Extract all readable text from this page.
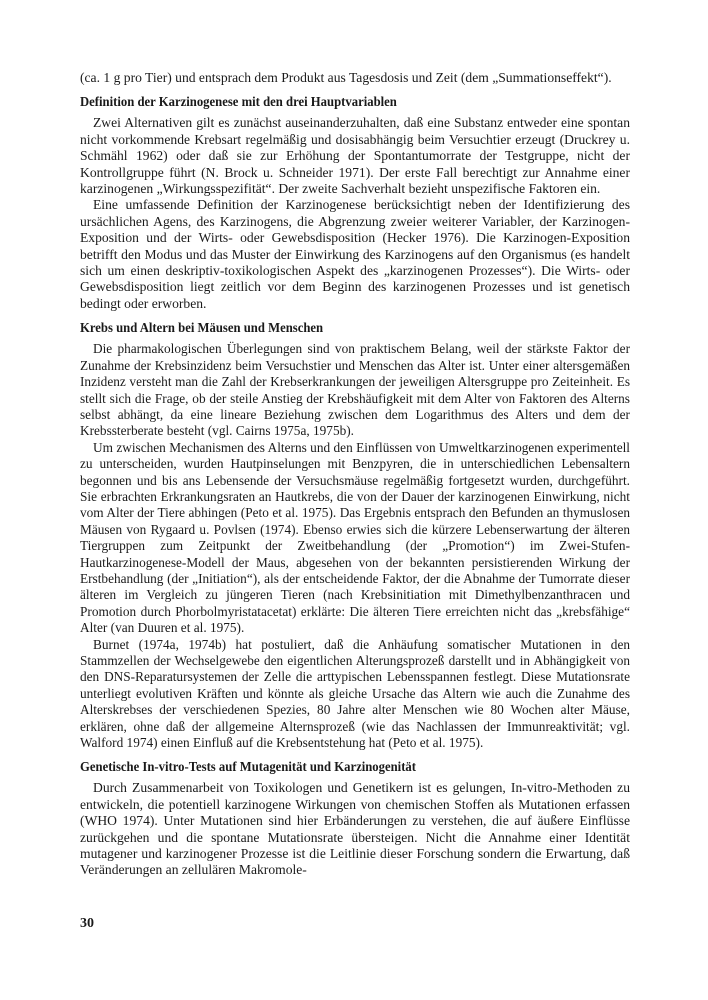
(ca. 1 g pro Tier) und entsprach dem Produkt aus Tagesdosis und Zeit (dem „Summationseffekt“).

Definition der Karzinogenese mit den drei Hauptvariablen

Zwei Alternativen gilt es zunächst auseinanderzuhalten, daß eine Substanz entweder eine spontan nicht vorkommende Krebsart regelmäßig und dosisabhängig beim Versuchtier erzeugt (Druckrey u. Schmähl 1962) oder daß sie zur Erhöhung der Spontantumorrate der Testgruppe, nicht der Kontrollgruppe führt (N. Brock u. Schneider 1971). Der erste Fall berechtigt zur Annahme einer karzinogenen „Wirkungsspezifität“. Der zweite Sachverhalt bezieht unspezifische Faktoren ein.

Eine umfassende Definition der Karzinogenese berücksichtigt neben der Identifizierung des ursächlichen Agens, des Karzinogens, die Abgrenzung zweier weiterer Variabler, der Karzinogen-Exposition und der Wirts- oder Gewebsdisposition (Hecker 1976). Die Karzinogen-Exposition betrifft den Modus und das Muster der Einwirkung des Karzinogens auf den Organismus (es handelt sich um einen deskriptiv-toxikologischen Aspekt des „karzinogenen Prozesses“). Die Wirts- oder Gewebsdisposition liegt zeitlich vor dem Beginn des karzinogenen Prozesses und ist genetisch bedingt oder erworben.

Krebs und Altern bei Mäusen und Menschen

Die pharmakologischen Überlegungen sind von praktischem Belang, weil der stärkste Faktor der Zunahme der Krebsinzidenz beim Versuchstier und Menschen das Alter ist. Unter einer altersgemäßen Inzidenz versteht man die Zahl der Krebserkrankungen der jeweiligen Altersgruppe pro Zeiteinheit. Es stellt sich die Frage, ob der steile Anstieg der Krebshäufigkeit mit dem Alter von Faktoren des Alterns selbst abhängt, da eine lineare Beziehung zwischen dem Logarithmus des Alters und dem der Krebssterberate besteht (vgl. Cairns 1975a, 1975b).

Um zwischen Mechanismen des Alterns und den Einflüssen von Umweltkarzinogenen experimentell zu unterscheiden, wurden Hautpinselungen mit Benzpyren, die in unterschiedlichen Lebensaltern begonnen und bis ans Lebensende der Versuchsmäuse regelmäßig fortgesetzt wurden, durchgeführt. Sie erbrachten Erkrankungsraten an Hautkrebs, die von der Dauer der karzinogenen Einwirkung, nicht vom Alter der Tiere abhingen (Peto et al. 1975). Das Ergebnis entsprach den Befunden an thymuslosen Mäusen von Rygaard u. Povlsen (1974). Ebenso erwies sich die kürzere Lebenserwartung der älteren Tiergruppen zum Zeitpunkt der Zweitbehandlung (der „Promotion“) im Zwei-Stufen-Hautkarzinogenese-Modell der Maus, abgesehen von der bekannten persistierenden Wirkung der Erstbehandlung (der „Initiation“), als der entscheidende Faktor, der die Abnahme der Tumorrate dieser älteren im Vergleich zu jüngeren Tieren (nach Krebsinitiation mit Dimethylbenzanthracen und Promotion durch Phorbolmyristatacetat) erklärte: Die älteren Tiere erreichten nicht das „krebsfähige“ Alter (van Duuren et al. 1975).

Burnet (1974a, 1974b) hat postuliert, daß die Anhäufung somatischer Mutationen in den Stammzellen der Wechselgewebe den eigentlichen Alterungsprozeß darstellt und in Abhängigkeit von den DNS-Reparatursystemen der Zelle die arttypischen Lebensspannen festlegt. Diese Mutationsrate unterliegt evolutiven Kräften und könnte als gleiche Ursache das Altern wie auch die Zunahme des Alterskrebses der verschiedenen Spezies, 80 Jahre alter Menschen wie 80 Wochen alter Mäuse, erklären, ohne daß der allgemeine Alternsprozeß (wie das Nachlassen der Immunreaktivität; vgl. Walford 1974) einen Einfluß auf die Krebsentstehung hat (Peto et al. 1975).

Genetische In-vitro-Tests auf Mutagenität und Karzinogenität

Durch Zusammenarbeit von Toxikologen und Genetikern ist es gelungen, In-vitro-Methoden zu entwickeln, die potentiell karzinogene Wirkungen von chemischen Stoffen als Mutationen erfassen (WHO 1974). Unter Mutationen sind hier Erbänderungen zu verstehen, die auf äußere Einflüsse zurückgehen und die spontane Mutationsrate übersteigen. Nicht die Annahme einer Identität mutagener und karzinogener Prozesse ist die Leitlinie dieser Forschung sondern die Erwartung, daß Veränderungen an zellulären Makromole-

30
